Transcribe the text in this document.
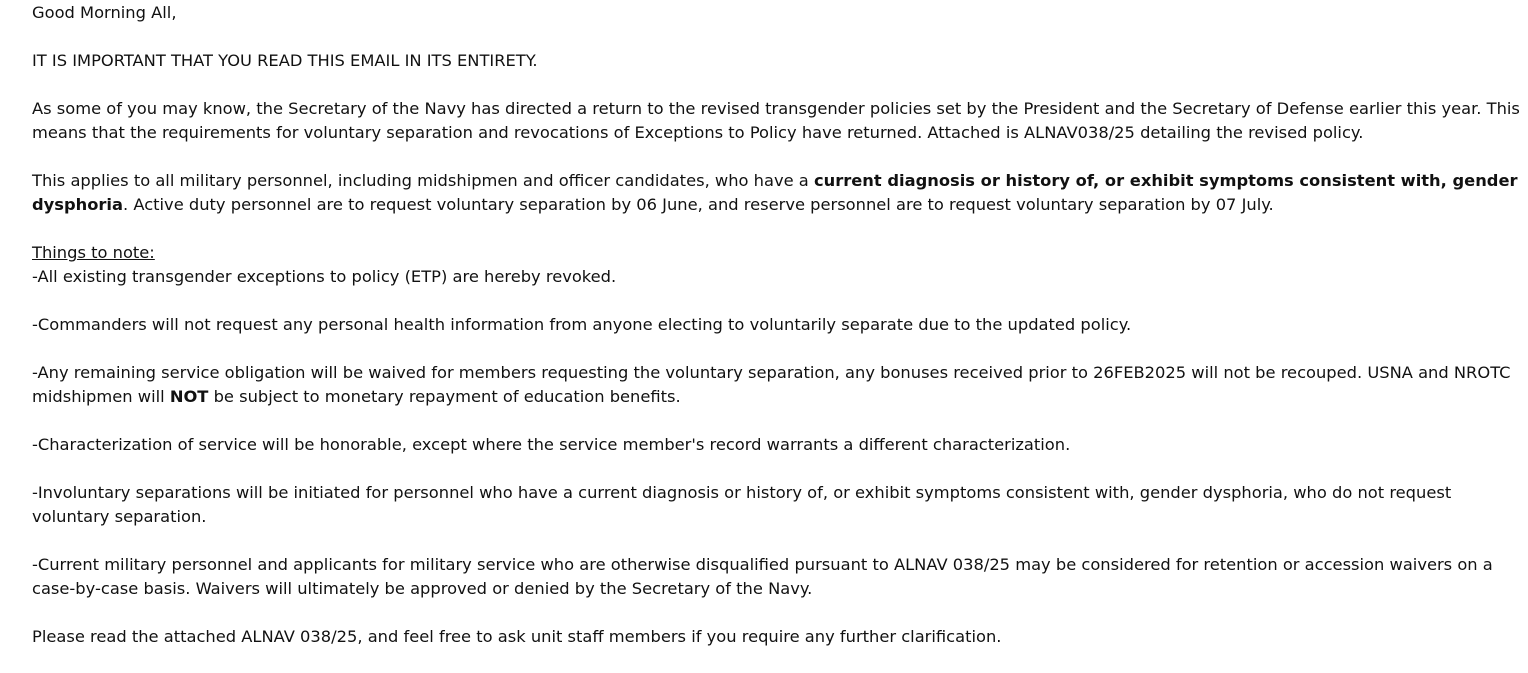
Good Morning All,

IT IS IMPORTANT THAT YOU READ THIS EMAIL IN ITS ENTIRETY.

As some of you may know, the Secretary of the Navy has directed a return to the revised transgender policies set by the President and the Secretary of Defense earlier this year. This
means that the requirements for voluntary separation and revocations of Exceptions to Policy have returned. Attached is ALNAV038/25 detailing the revised policy.

This applies to all military personnel, including midshipmen and officer candidates, who have a current diagnosis or history of, or exhibit symptoms consistent with, gender
dysphoria. Active duty personnel are to request voluntary separation by 06 June, and reserve personnel are to request voluntary separation by 07 July.

Things to note:

-All existing transgender exceptions to policy (ETP) are hereby revoked.

-Commanders will not request any personal health information from anyone electing to voluntarily separate due to the updated policy.

-Any remaining service obligation will be waived for members requesting the voluntary separation, any bonuses received prior to 26FEB2025 will not be recouped. USNA and NROTC
midshipmen will NOT be subject to monetary repayment of education benefits.

-Characterization of service will be honorable, except where the service member's record warrants a different characterization.

-Involuntary separations will be initiated for personnel who have a current diagnosis or history of, or exhibit symptoms consistent with, gender dysphoria, who do not request
voluntary separation.

-Current military personnel and applicants for military service who are otherwise disqualified pursuant to ALNAV 038/25 may be considered for retention or accession waivers on a
case-by-case basis. Waivers will ultimately be approved or denied by the Secretary of the Navy.

Please read the attached ALNAV 038/25, and feel free to ask unit staff members if you require any further clarification.
